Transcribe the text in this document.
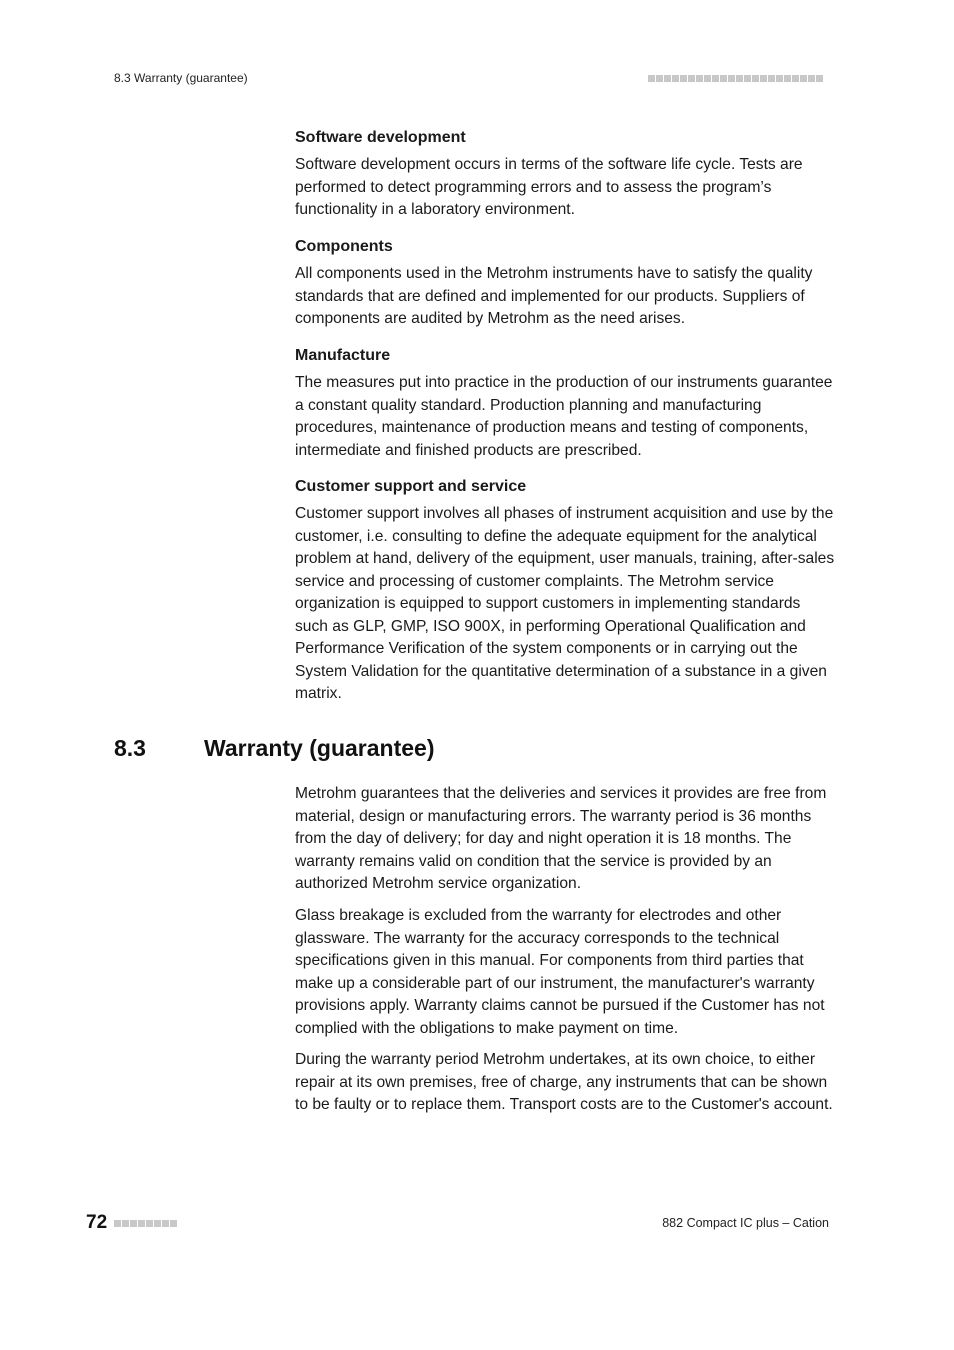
8.3 Warranty (guarantee)
Software development

Software development occurs in terms of the software life cycle. Tests are performed to detect programming errors and to assess the program’s functionality in a laboratory environment.

Components

All components used in the Metrohm instruments have to satisfy the quality standards that are defined and implemented for our products. Suppliers of components are audited by Metrohm as the need arises.

Manufacture

The measures put into practice in the production of our instruments guarantee a constant quality standard. Production planning and manufacturing procedures, maintenance of production means and testing of components, intermediate and finished products are prescribed.

Customer support and service

Customer support involves all phases of instrument acquisition and use by the customer, i.e. consulting to define the adequate equipment for the analytical problem at hand, delivery of the equipment, user manuals, training, after-sales service and processing of customer complaints. The Metrohm service organization is equipped to support customers in implementing standards such as GLP, GMP, ISO 900X, in performing Operational Qualification and Performance Verification of the system components or in carrying out the System Validation for the quantitative determination of a substance in a given matrix.

8.3	Warranty (guarantee)

Metrohm guarantees that the deliveries and services it provides are free from material, design or manufacturing errors. The warranty period is 36 months from the day of delivery; for day and night operation it is 18 months. The warranty remains valid on condition that the service is provided by an authorized Metrohm service organization.

Glass breakage is excluded from the warranty for electrodes and other glassware. The warranty for the accuracy corresponds to the technical specifications given in this manual. For components from third parties that make up a considerable part of our instrument, the manufacturer's warranty provisions apply. Warranty claims cannot be pursued if the Customer has not complied with the obligations to make payment on time.

During the warranty period Metrohm undertakes, at its own choice, to either repair at its own premises, free of charge, any instruments that can be shown to be faulty or to replace them. Transport costs are to the Customer's account.

72	882 Compact IC plus – Cation
